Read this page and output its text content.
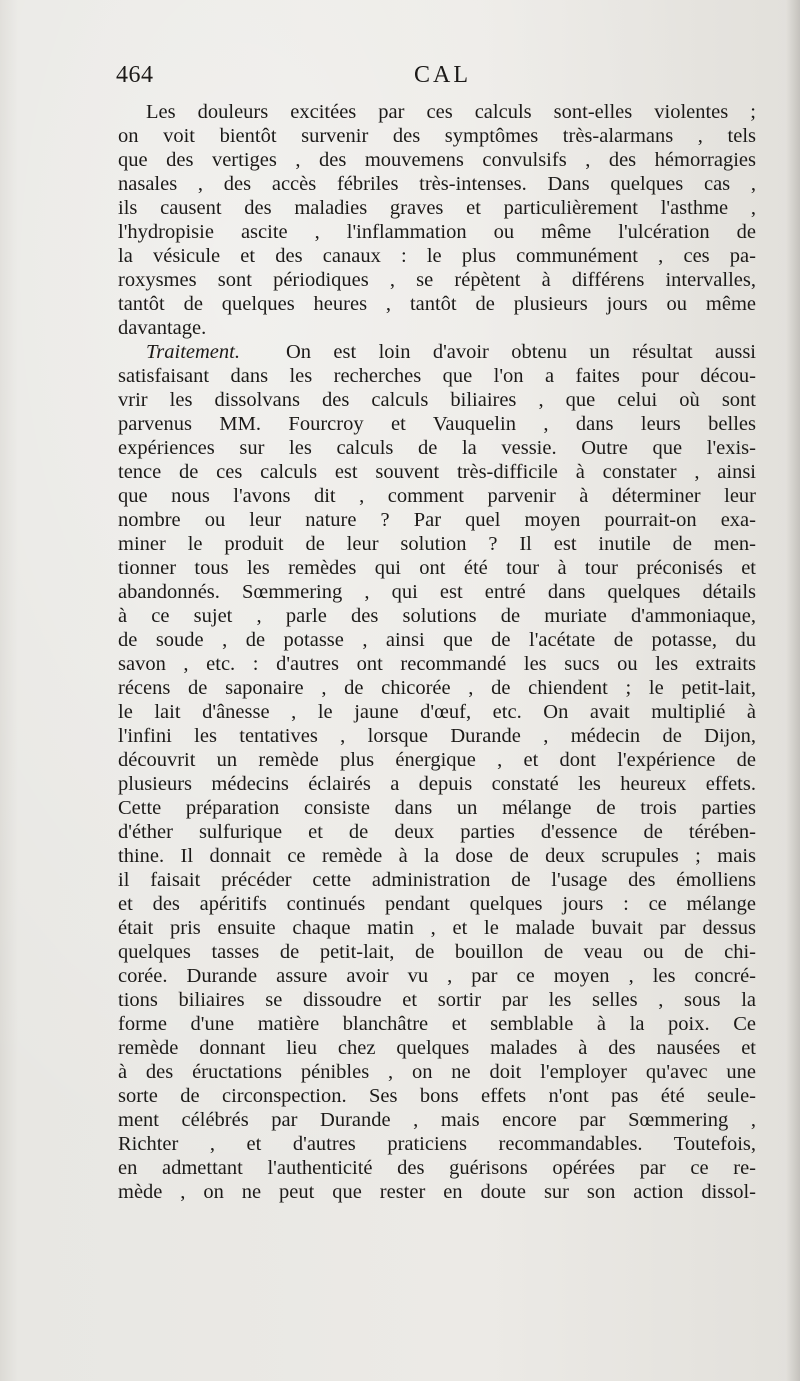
464	CAL
Les douleurs excitées par ces calculs sont-elles violentes ;
on voit bientôt survenir des symptômes très-alarmans , tels
que des vertiges , des mouvemens convulsifs , des hémorragies
nasales , des accès fébriles très-intenses. Dans quelques cas ,
ils causent des maladies graves et particulièrement l'asthme ,
l'hydropisie ascite , l'inflammation ou même l'ulcération de
la vésicule et des canaux : le plus communément , ces pa-
roxysmes sont périodiques , se répètent à différens intervalles,
tantôt de quelques heures , tantôt de plusieurs jours ou même
davantage.
Traitement.	On est loin d'avoir obtenu un résultat aussi
satisfaisant dans les recherches que l'on a faites pour décou-
vrir les dissolvans des calculs biliaires , que celui où sont
parvenus MM. Fourcroy et Vauquelin , dans leurs belles
expériences sur les calculs de la vessie. Outre que l'exis-
tence de ces calculs est souvent très-difficile à constater , ainsi
que nous l'avons dit , comment parvenir à déterminer leur
nombre ou leur nature ? Par quel moyen pourrait-on exa-
miner le produit de leur solution ? Il est inutile de men-
tionner tous les remèdes qui ont été tour à tour préconisés et
abandonnés. Sœmmering , qui est entré dans quelques détails
à ce sujet , parle des solutions de muriate d'ammoniaque,
de soude , de potasse , ainsi que de l'acétate de potasse, du
savon , etc. : d'autres ont recommandé les sucs ou les extraits
récens de saponaire , de chicorée , de chiendent ; le petit-lait,
le lait d'ânesse , le jaune d'œuf, etc. On avait multiplié à
l'infini les tentatives , lorsque Durande , médecin de Dijon,
découvrit un remède plus énergique , et dont l'expérience de
plusieurs médecins éclairés a depuis constaté les heureux effets.
Cette préparation consiste dans un mélange de trois parties
d'éther sulfurique et de deux parties d'essence de térében-
thine. Il donnait ce remède à la dose de deux scrupules ; mais
il faisait précéder cette administration de l'usage des émolliens
et des apéritifs continués pendant quelques jours : ce mélange
était pris ensuite chaque matin , et le malade buvait par dessus
quelques tasses de petit-lait, de bouillon de veau ou de chi-
corée. Durande assure avoir vu , par ce moyen , les concré-
tions biliaires se dissoudre et sortir par les selles , sous la
forme d'une matière blanchâtre et semblable à la poix. Ce
remède donnant lieu chez quelques malades à des nausées et
à des éructations pénibles , on ne doit l'employer qu'avec une
sorte de circonspection. Ses bons effets n'ont pas été seule-
ment célébrés par Durande , mais encore par Sœmmering ,
Richter , et d'autres praticiens recommandables. Toutefois,
en admettant l'authenticité des guérisons opérées par ce re-
mède , on ne peut que rester en doute sur son action dissol-
